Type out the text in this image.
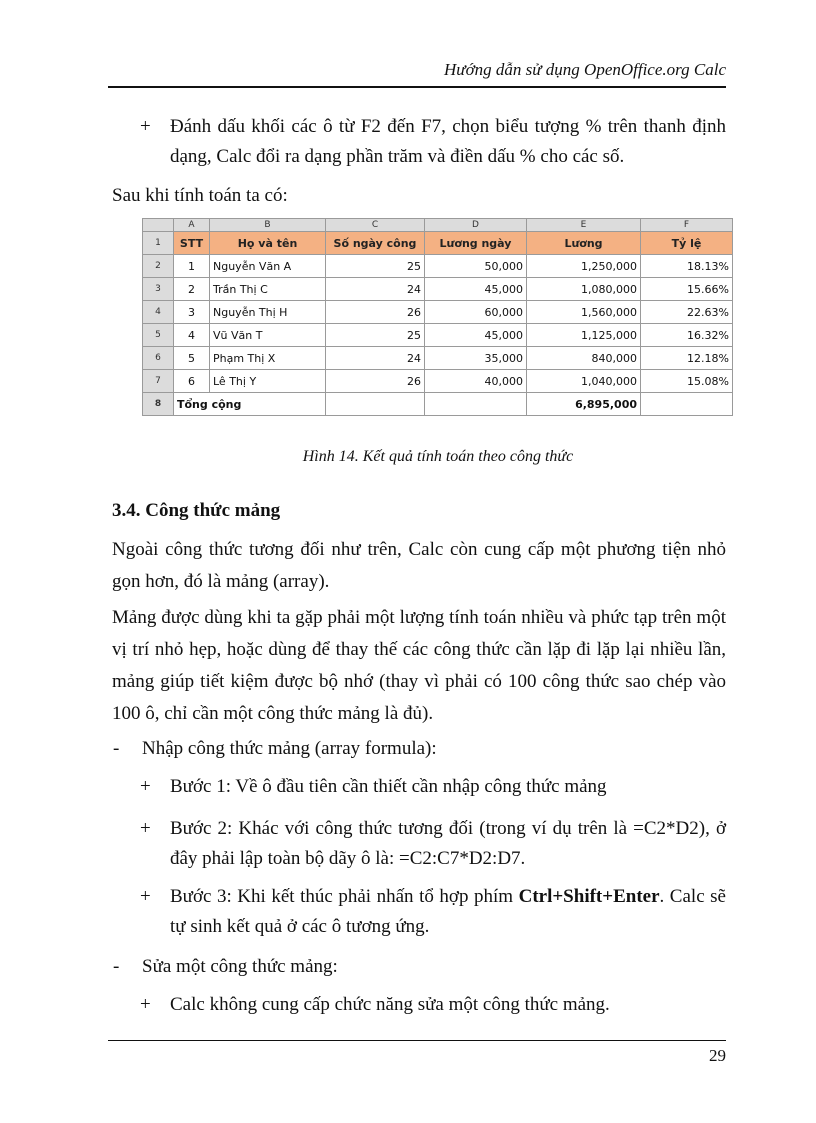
Hướng dẫn sử dụng OpenOffice.org Calc
+ Đánh dấu khối các ô từ F2 đến F7, chọn biểu tượng % trên thanh định dạng, Calc đổi ra dạng phần trăm và điền dấu % cho các số.
Sau khi tính toán ta có:
	A	B	C	D	E	F
1	STT	Họ và tên	Số ngày công	Lương ngày	Lương	Tỷ lệ
2	1	Nguyễn Văn A	25	50,000	1,250,000	18.13%
3	2	Trần Thị C	24	45,000	1,080,000	15.66%
4	3	Nguyễn Thị H	26	60,000	1,560,000	22.63%
5	4	Vũ Văn T	25	45,000	1,125,000	16.32%
6	5	Phạm Thị X	24	35,000	840,000	12.18%
7	6	Lê Thị Y	26	40,000	1,040,000	15.08%
8	Tổng cộng				6,895,000	
Hình 14. Kết quả tính toán theo công thức
3.4. Công thức mảng
Ngoài công thức tương đối như trên, Calc còn cung cấp một phương tiện nhỏ gọn hơn, đó là mảng (array).
Mảng được dùng khi ta gặp phải một lượng tính toán nhiều và phức tạp trên một vị trí nhỏ hẹp, hoặc dùng để thay thế các công thức cần lặp đi lặp lại nhiều lần, mảng giúp tiết kiệm được bộ nhớ (thay vì phải có 100 công thức sao chép vào 100 ô, chỉ cần một công thức mảng là đủ).
- Nhập công thức mảng (array formula):
+ Bước 1: Về ô đầu tiên cần thiết cần nhập công thức mảng
+ Bước 2: Khác với công thức tương đối (trong ví dụ trên là =C2*D2), ở đây phải lập toàn bộ dãy ô là: =C2:C7*D2:D7.
+ Bước 3: Khi kết thúc phải nhấn tổ hợp phím Ctrl+Shift+Enter. Calc sẽ tự sinh kết quả ở các ô tương ứng.
- Sửa một công thức mảng:
+ Calc không cung cấp chức năng sửa một công thức mảng.
29
